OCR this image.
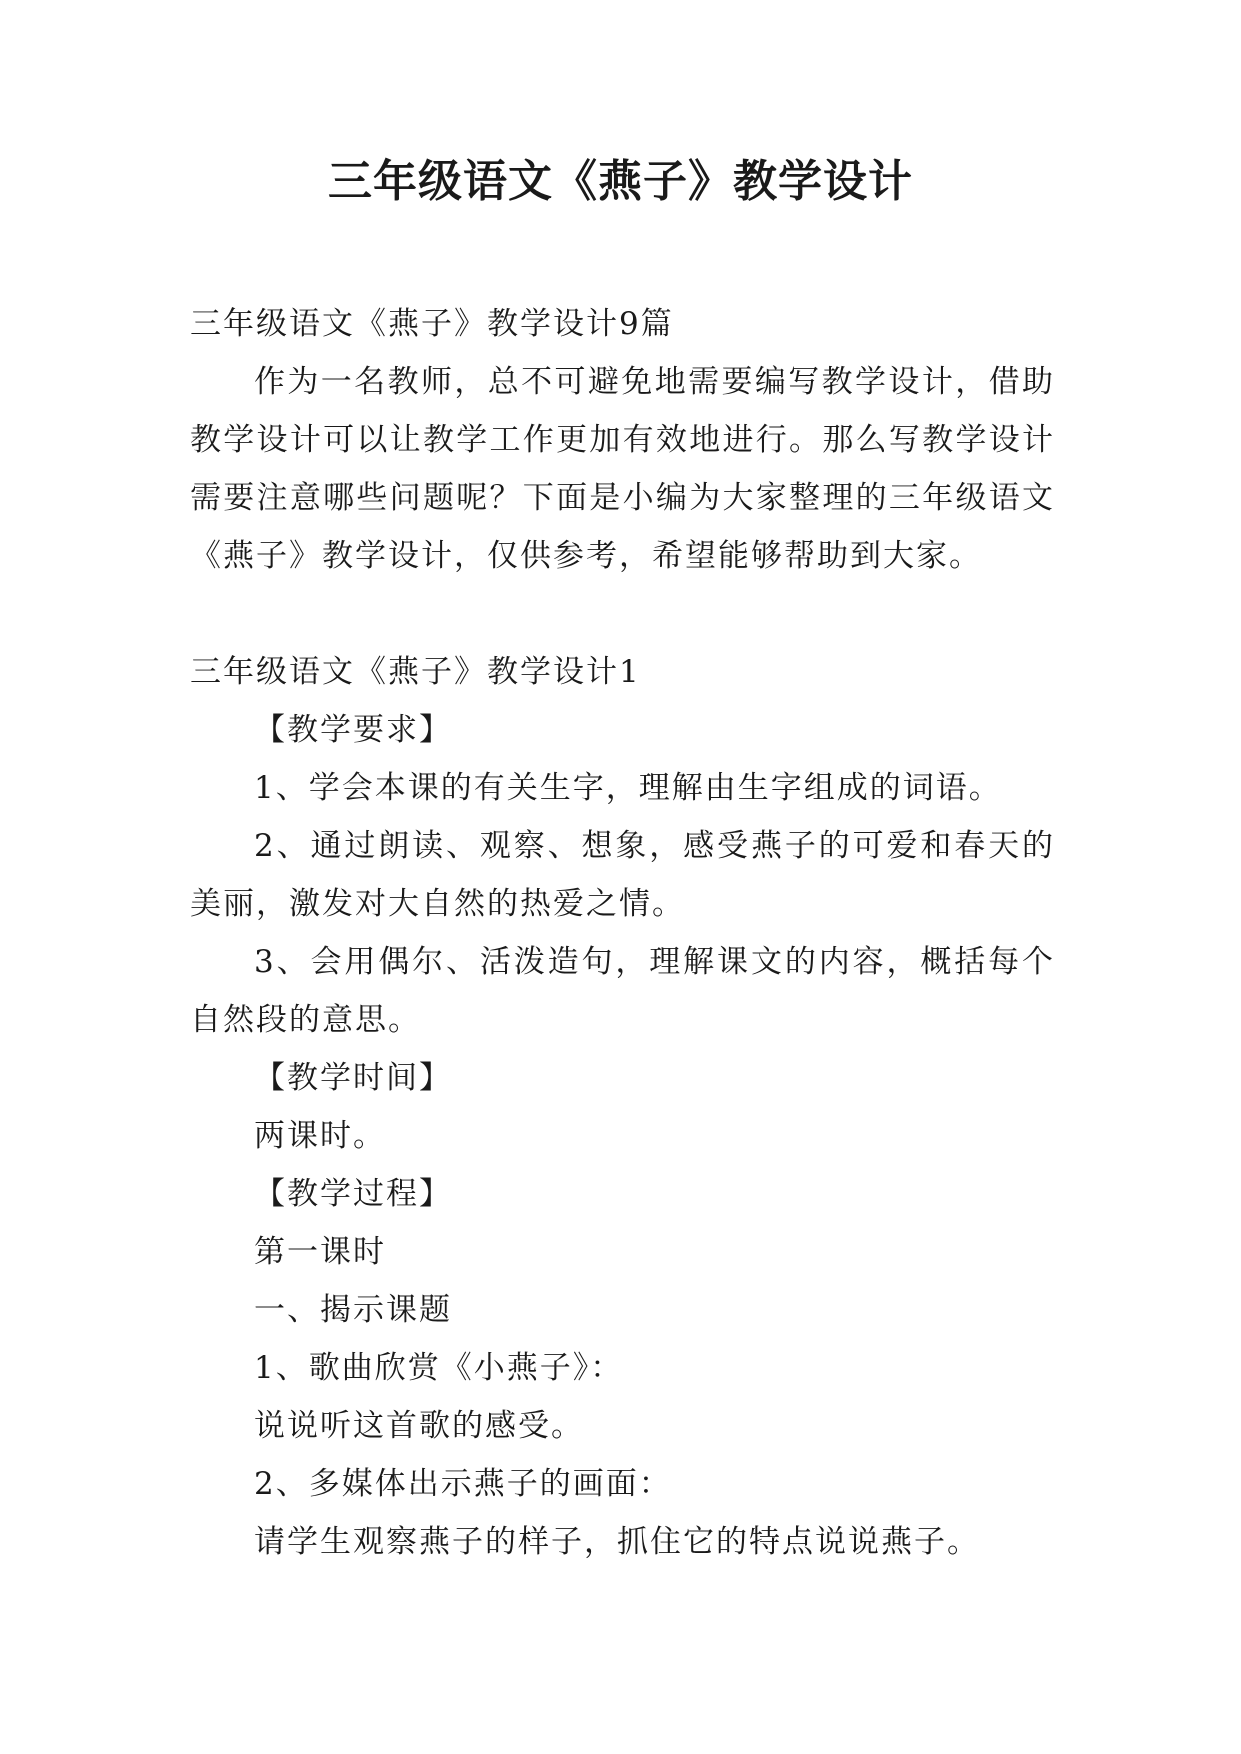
三年级语文《燕子》教学设计

三年级语文《燕子》教学设计9篇

作为一名教师，总不可避免地需要编写教学设计，借助教学设计可以让教学工作更加有效地进行。那么写教学设计需要注意哪些问题呢？下面是小编为大家整理的三年级语文《燕子》教学设计，仅供参考，希望能够帮助到大家。

三年级语文《燕子》教学设计1

【教学要求】

1、学会本课的有关生字，理解由生字组成的词语。

2、通过朗读、观察、想象，感受燕子的可爱和春天的美丽，激发对大自然的热爱之情。

3、会用偶尔、活泼造句，理解课文的内容，概括每个自然段的意思。

【教学时间】

两课时。

【教学过程】

第一课时

一、揭示课题

1、歌曲欣赏《小燕子》：

说说听这首歌的感受。

2、多媒体出示燕子的画面：

请学生观察燕子的样子，抓住它的特点说说燕子。
